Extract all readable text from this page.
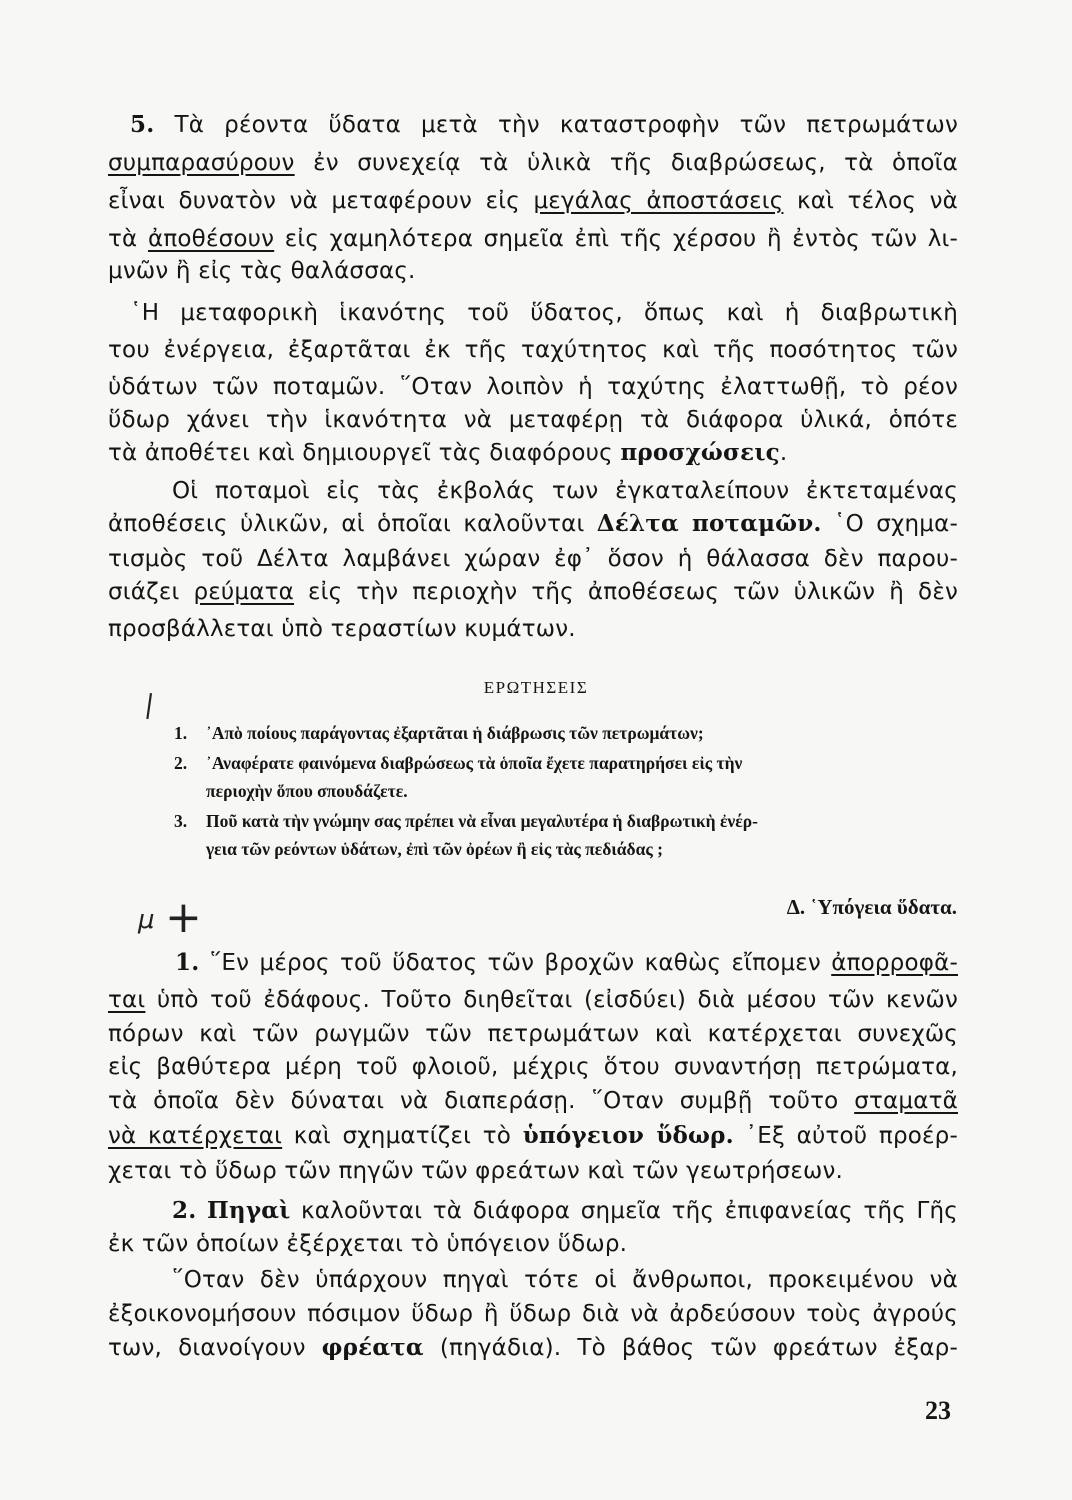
5. Τὰ ρέοντα ὕδατα μετὰ τὴν καταστροφὴν τῶν πετρωμάτων
συμπαρασύρουν ἐν συνεχείᾳ τὰ ὑλικὰ τῆς διαβρώσεως, τὰ ὁποῖα
εἶναι δυνατὸν νὰ μεταφέρουν εἰς μεγάλας ἀποστάσεις καὶ τέλος νὰ
τὰ ἀποθέσουν εἰς χαμηλότερα σημεῖα ἐπὶ τῆς χέρσου ἢ ἐντὸς τῶν λι-
μνῶν ἢ εἰς τὰς θαλάσσας.
῾Η μεταφορικὴ ἱκανότης τοῦ ὕδατος, ὅπως καὶ ἡ διαβρωτικὴ
του ἐνέργεια, ἐξαρτᾶται ἐκ τῆς ταχύτητος καὶ τῆς ποσότητος τῶν
ὑδάτων τῶν ποταμῶν. ῞Οταν λοιπὸν ἡ ταχύτης ἐλαττωθῇ, τὸ ρέον
ὕδωρ χάνει τὴν ἱκανότητα νὰ μεταφέρῃ τὰ διάφορα ὑλικά, ὁπότε
τὰ ἀποθέτει καὶ δημιουργεῖ τὰς διαφόρους προσχώσεις.
Οἱ ποταμοὶ εἰς τὰς ἐκβολάς των ἐγκαταλείπουν ἐκτεταμένας
ἀποθέσεις ὑλικῶν, αἱ ὁποῖαι καλοῦνται Δέλτα ποταμῶν. ῾Ο σχημα-
τισμὸς τοῦ Δέλτα λαμβάνει χώραν ἐφ᾽ ὅσον ἡ θάλασσα δὲν παρου-
σιάζει ρεύματα εἰς τὴν περιοχὴν τῆς ἀποθέσεως τῶν ὑλικῶν ἢ δὲν
προσβάλλεται ὑπὸ τεραστίων κυμάτων.
ΕΡΩΤΗΣΕΙΣ
|
1. ᾽Απὸ ποίους παράγοντας ἐξαρτᾶται ἡ διάβρωσις τῶν πετρωμάτων;
2. ᾽Αναφέρατε φαινόμενα διαβρώσεως τὰ ὁποῖα ἔχετε παρατηρήσει εἰς τὴν
περιοχὴν ὅπου σπουδάζετε.
3. Ποῦ κατὰ τὴν γνώμην σας πρέπει νὰ εἶναι μεγαλυτέρα ἡ διαβρωτικὴ ἐνέρ-
γεια τῶν ρεόντων ὑδάτων, ἐπὶ τῶν ὀρέων ἢ εἰς τὰς πεδιάδας ;
Δ. ῾Υπόγεια ὕδατα.
μ +
1. ῞Εν μέρος τοῦ ὕδατος τῶν βροχῶν καθὼς εἴπομεν ἀπορροφᾶ-
ται ὑπὸ τοῦ ἐδάφους. Τοῦτο διηθεῖται (εἰσδύει) διὰ μέσου τῶν κενῶν
πόρων καὶ τῶν ρωγμῶν τῶν πετρωμάτων καὶ κατέρχεται συνεχῶς
εἰς βαθύτερα μέρη τοῦ φλοιοῦ, μέχρις ὅτου συναντήσῃ πετρώματα,
τὰ ὁποῖα δὲν δύναται νὰ διαπεράσῃ. ῞Οταν συμβῇ τοῦτο σταματᾶ
νὰ κατέρχεται καὶ σχηματίζει τὸ ὑπόγειον ὕδωρ. ᾽Εξ αὐτοῦ προέρ-
χεται τὸ ὕδωρ τῶν πηγῶν τῶν φρεάτων καὶ τῶν γεωτρήσεων.
2. Πηγαὶ καλοῦνται τὰ διάφορα σημεῖα τῆς ἐπιφανείας τῆς Γῆς
ἐκ τῶν ὁποίων ἐξέρχεται τὸ ὑπόγειον ὕδωρ.
῞Οταν δὲν ὑπάρχουν πηγαὶ τότε οἱ ἄνθρωποι, προκειμένου νὰ
ἐξοικονομήσουν πόσιμον ὕδωρ ἢ ὕδωρ διὰ νὰ ἀρδεύσουν τοὺς ἀγρούς
των, διανοίγουν φρέατα (πηγάδια). Τὸ βάθος τῶν φρεάτων ἐξαρ-
23
